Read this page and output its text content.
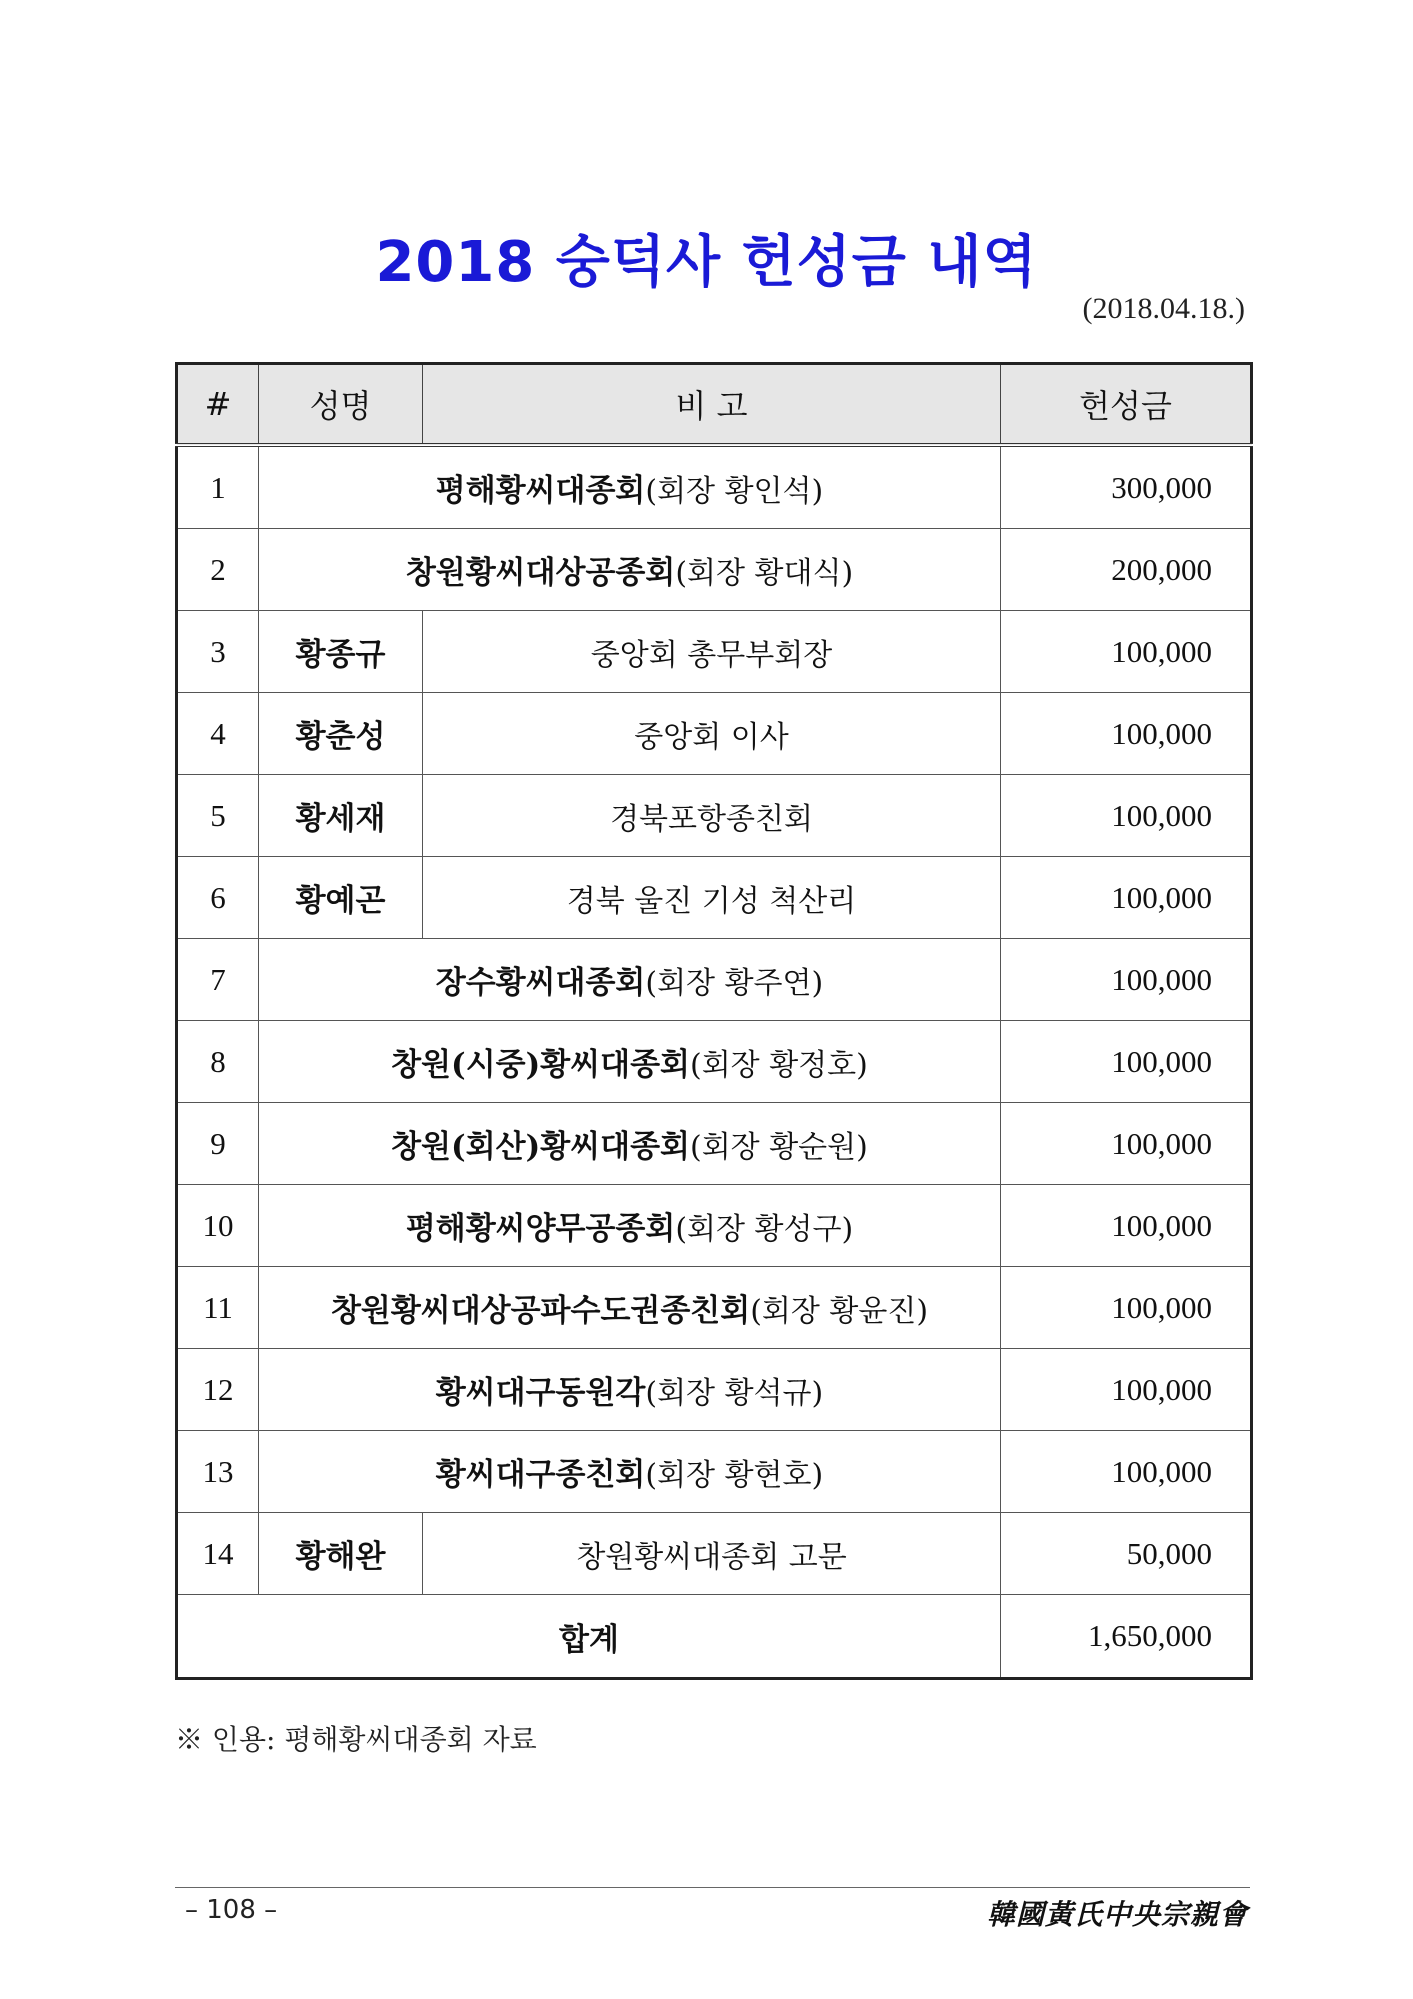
2018 숭덕사 헌성금 내역
(2018.04.18.)
#	성명	비 고	헌성금
1	평해황씨대종회(회장 황인석)		300,000
2	창원황씨대상공종회(회장 황대식)		200,000
3	황종규	중앙회 총무부회장	100,000
4	황춘성	중앙회 이사	100,000
5	황세재	경북포항종친회	100,000
6	황예곤	경북 울진 기성 척산리	100,000
7	장수황씨대종회(회장 황주연)		100,000
8	창원(시중)황씨대종회(회장 황정호)		100,000
9	창원(회산)황씨대종회(회장 황순원)		100,000
10	평해황씨양무공종회(회장 황성구)		100,000
11	창원황씨대상공파수도권종친회(회장 황윤진)		100,000
12	황씨대구동원각(회장 황석규)		100,000
13	황씨대구종친회(회장 황현호)		100,000
14	황해완	창원황씨대종회 고문	50,000
합계			1,650,000
※ 인용: 평해황씨대종회 자료
– 108 –	韓國黃氏中央宗親會
